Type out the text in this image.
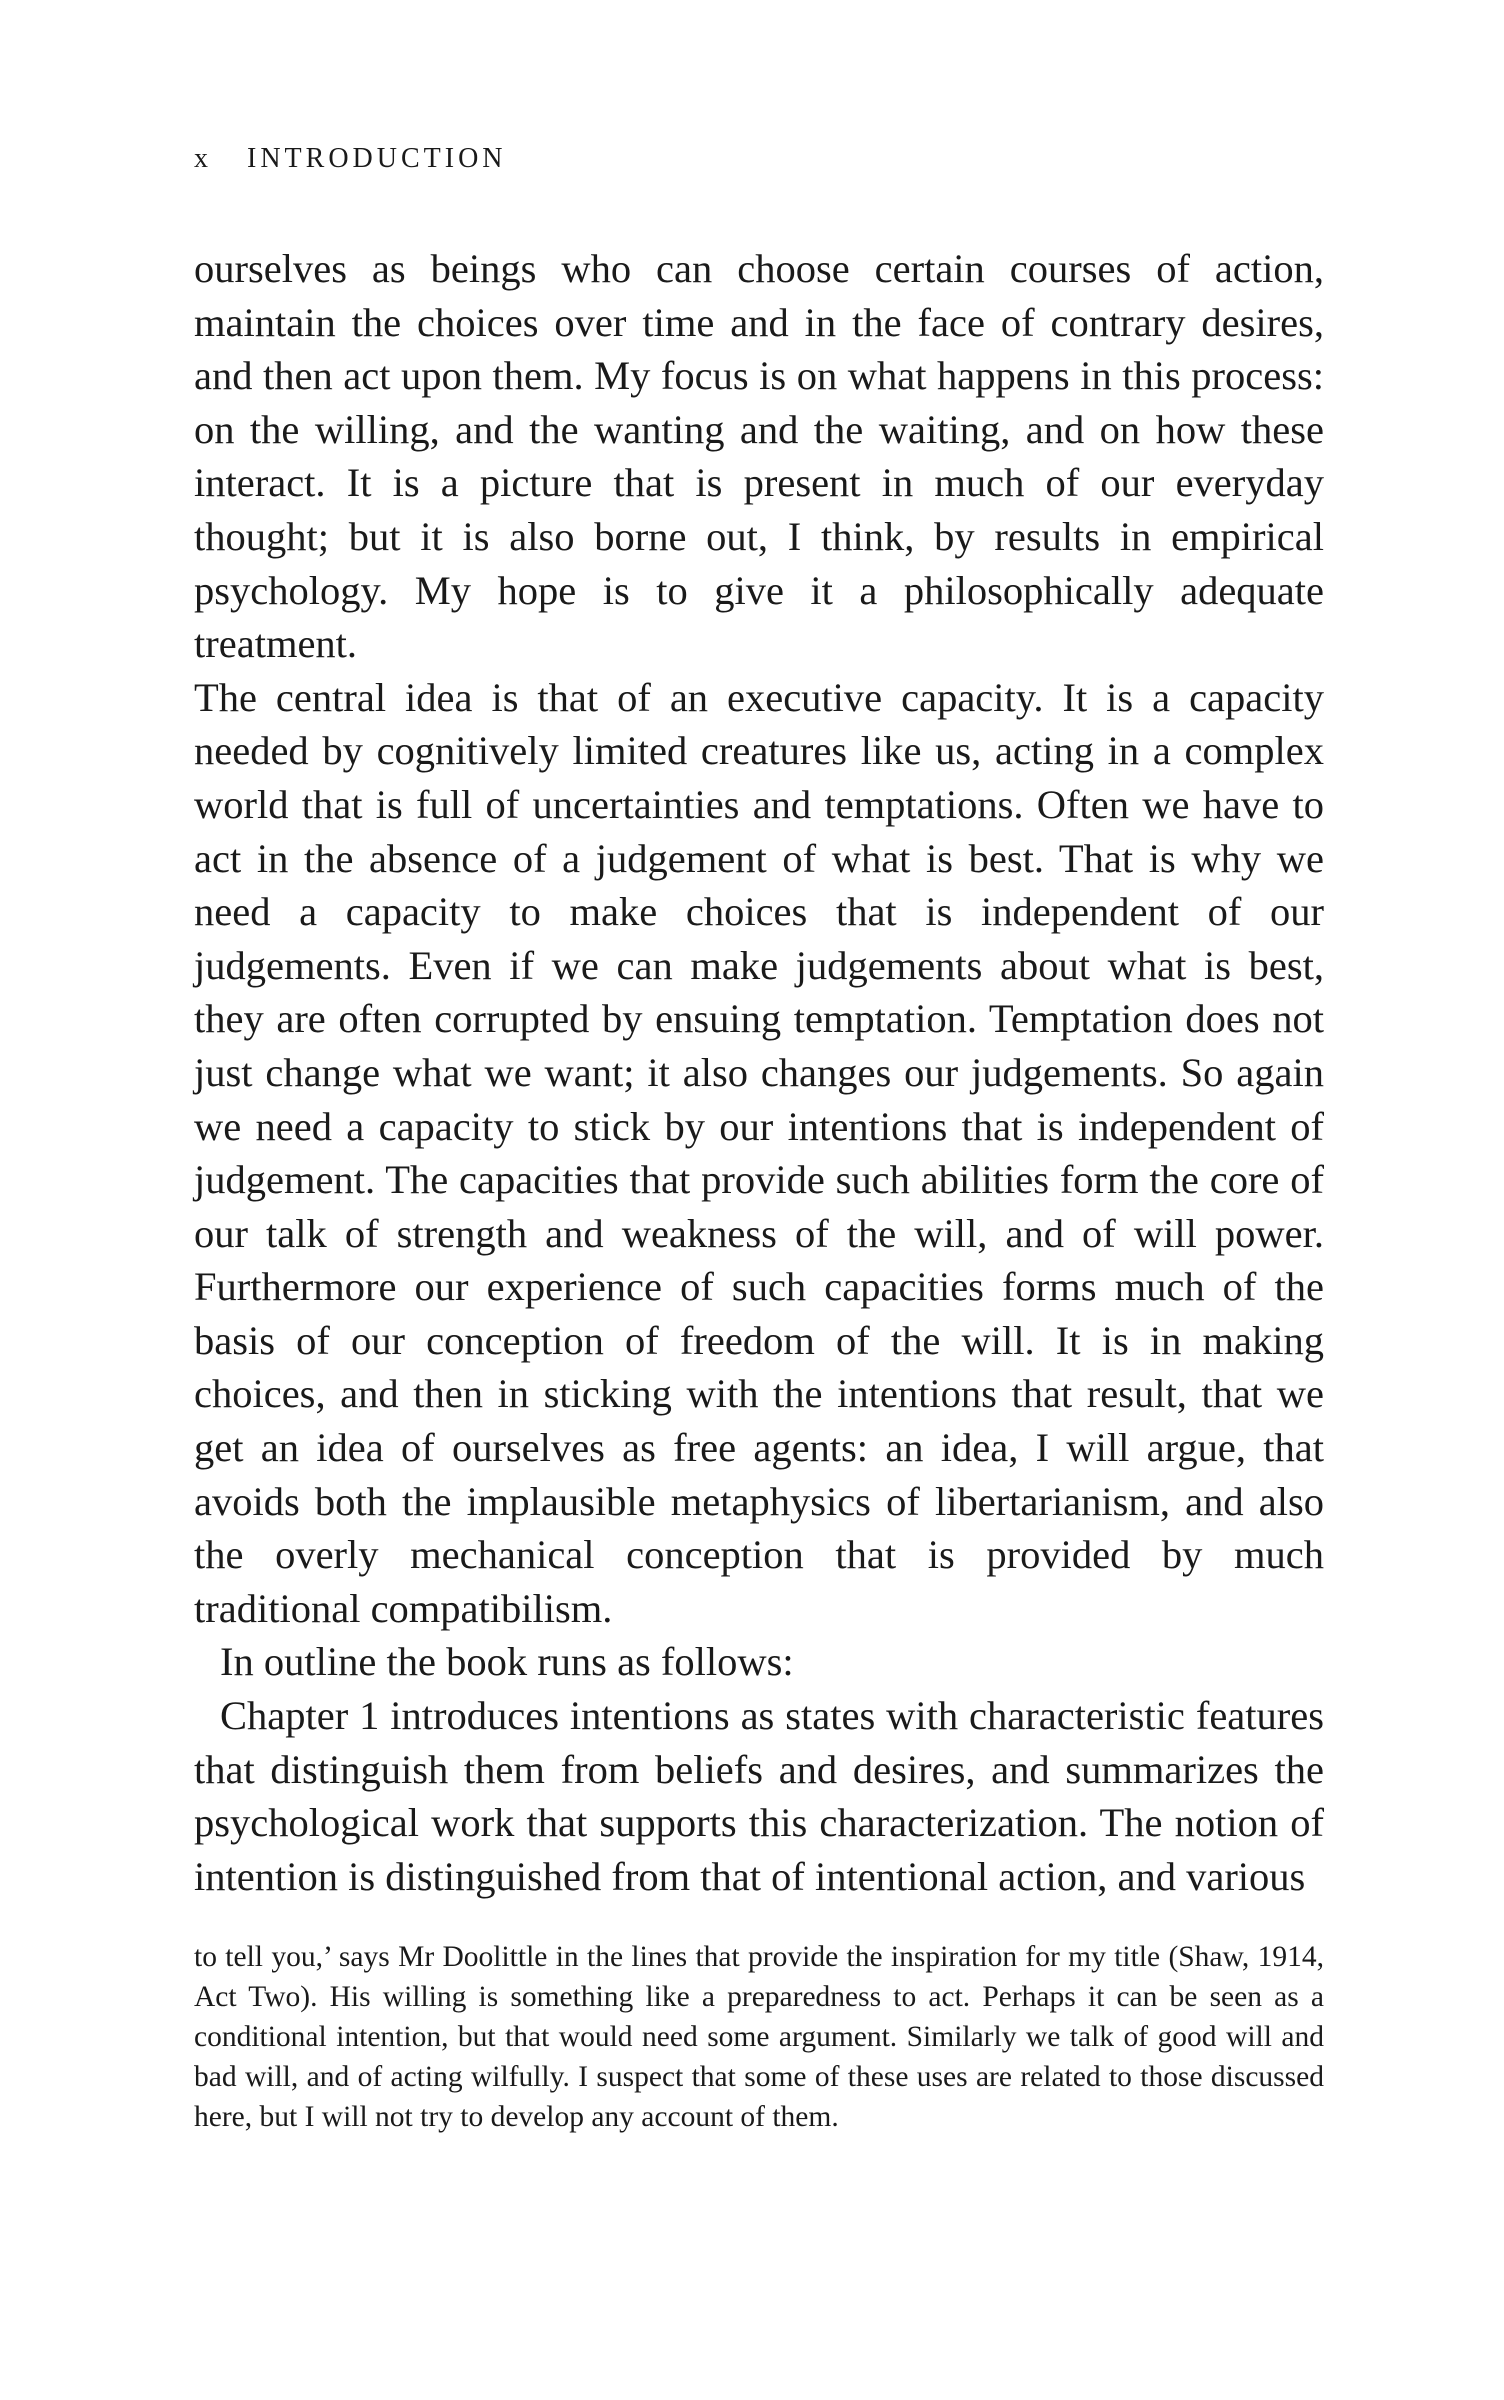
x INTRODUCTION

ourselves as beings who can choose certain courses of action, maintain the choices over time and in the face of contrary desires, and then act upon them. My focus is on what happens in this process: on the willing, and the wanting and the waiting, and on how these interact. It is a picture that is present in much of our everyday thought; but it is also borne out, I think, by results in empirical psychology. My hope is to give it a philosophically adequate treatment.

The central idea is that of an executive capacity. It is a capacity needed by cognitively limited creatures like us, acting in a complex world that is full of uncertainties and temptations. Often we have to act in the absence of a judgement of what is best. That is why we need a capacity to make choices that is independent of our judgements. Even if we can make judgements about what is best, they are often corrupted by ensuing temptation. Temptation does not just change what we want; it also changes our judgements. So again we need a capacity to stick by our intentions that is independent of judgement. The capacities that provide such abilities form the core of our talk of strength and weakness of the will, and of will power. Furthermore our experience of such capacities forms much of the basis of our conception of freedom of the will. It is in making choices, and then in sticking with the intentions that result, that we get an idea of ourselves as free agents: an idea, I will argue, that avoids both the implausible metaphysics of libertarianism, and also the overly mechanical conception that is provided by much traditional compatibilism.

In outline the book runs as follows:

Chapter 1 introduces intentions as states with characteristic features that distinguish them from beliefs and desires, and summarizes the psychological work that supports this characterization. The notion of intention is distinguished from that of intentional action, and various

to tell you,’ says Mr Doolittle in the lines that provide the inspiration for my title (Shaw, 1914, Act Two). His willing is something like a preparedness to act. Perhaps it can be seen as a conditional intention, but that would need some argument. Similarly we talk of good will and bad will, and of acting wilfully. I suspect that some of these uses are related to those discussed here, but I will not try to develop any account of them.
